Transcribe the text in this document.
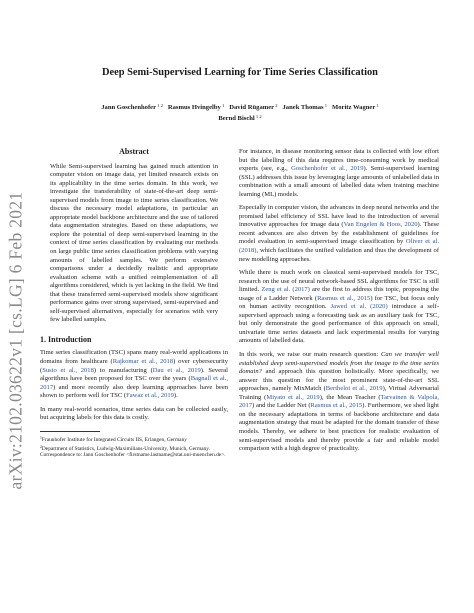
arXiv:2102.03622v1 [cs.LG] 6 Feb 2021
Deep Semi-Supervised Learning for Time Series Classification
Jann Goschenhofer $^{1 2}$ Rasmus Hvingelby $^1$ David Rügamer $^2$ Janek Thomas $^1$ Moritz Wagner $^1$
Bernd Bischl $^{1 2}$
Abstract
While Semi-supervised learning has gained much attention in computer vision on image data, yet limited research exists on its applicability in the time series domain. In this work, we investigate the transferability of state-of-the-art deep semi-supervised models from image to time series classification. We discuss the necessary model adaptations, in particular an appropriate model backbone architecture and the use of tailored data augmentation strategies. Based on these adaptations, we explore the potential of deep semi-supervised learning in the context of time series classification by evaluating our methods on large public time series classification problems with varying amounts of labelled samples. We perform extensive comparisons under a decidedly realistic and appropriate evaluation scheme with a unified reimplementation of all algorithms considered, which is yet lacking in the field. We find that these transferred semi-supervised models show significant performance gains over strong supervised, semi-supervised and self-supervised alternatives, especially for scenarios with very few labelled samples.
1. Introduction

Time series classification (TSC) spans many real-world applications in domains from healthcare (Rajkomar et al., 2018) over cybersecurity (Susto et al., 2018) to manufacturing (Dau et al., 2019). Several algorithms have been proposed for TSC over the years (Bagnall et al., 2017) and more recently also deep learning approaches have been shown to perform well for TSC (Fawaz et al., 2019).

In many real-world scenarios, time series data can be collected easily, but acquiring labels for this data is costly.

$^1$Fraunhofer Institute for Integrated Circuits IIS, Erlangen, Germany
$^2$Department of Statistics, Ludwig-Maximilians-University, Munich, Germany. Correspondence to: Jann Goschenhofer <firstname.lastname@stat.uni-muenchen.de>.

For instance, in disease monitoring sensor data is collected with low effort but the labelling of this data requires time-consuming work by medical experts (see, e.g., Goschenhofer et al., 2019). Semi-supervised learning (SSL) addresses this issue by leveraging large amounts of unlabelled data in combination with a small amount of labelled data when training machine learning (ML) models.

Especially in computer vision, the advances in deep neural networks and the promised label efficiency of SSL have lead to the introduction of several innovative approaches for image data (Van Engelen & Hoos, 2020). These recent advances are also driven by the establishment of guidelines for model evaluation in semi-supervised image classification by Oliver et al. (2018), which facilitates the unified validation and thus the development of new modelling approaches.

While there is much work on classical semi-supervised models for TSC, research on the use of neural network-based SSL algorithms for TSC is still limited. Zeng et al. (2017) are the first to address this topic, proposing the usage of a Ladder Network (Rasmus et al., 2015) for TSC, but focus only on human activity recognition. Jawed et al. (2020) introduce a self-supervised approach using a forecasting task as an auxiliary task for TSC, but only demonstrate the good performance of this approach on small, univariate time series datasets and lack experimental results for varying amounts of labelled data.

In this work, we raise our main research question: Can we transfer well established deep semi-supervised models from the image to the time series domain? and approach this question holistically. More specifically, we answer this question for the most prominent state-of-the-art SSL approaches, namely MixMatch (Berthelot et al., 2019), Virtual Adversarial Training (Miyato et al., 2019), the Mean Teacher (Tarvainen & Valpola, 2017) and the Ladder Net (Rasmus et al., 2015). Furthermore, we shed light on the necessary adaptations in terms of backbone architecture and data augmentation strategy that must be adapted for the domain transfer of these models. Thereby, we adhere to best practices for realistic evaluation of semi-supervised models and thereby provide a fair and reliable model comparison with a high degree of practicality.
